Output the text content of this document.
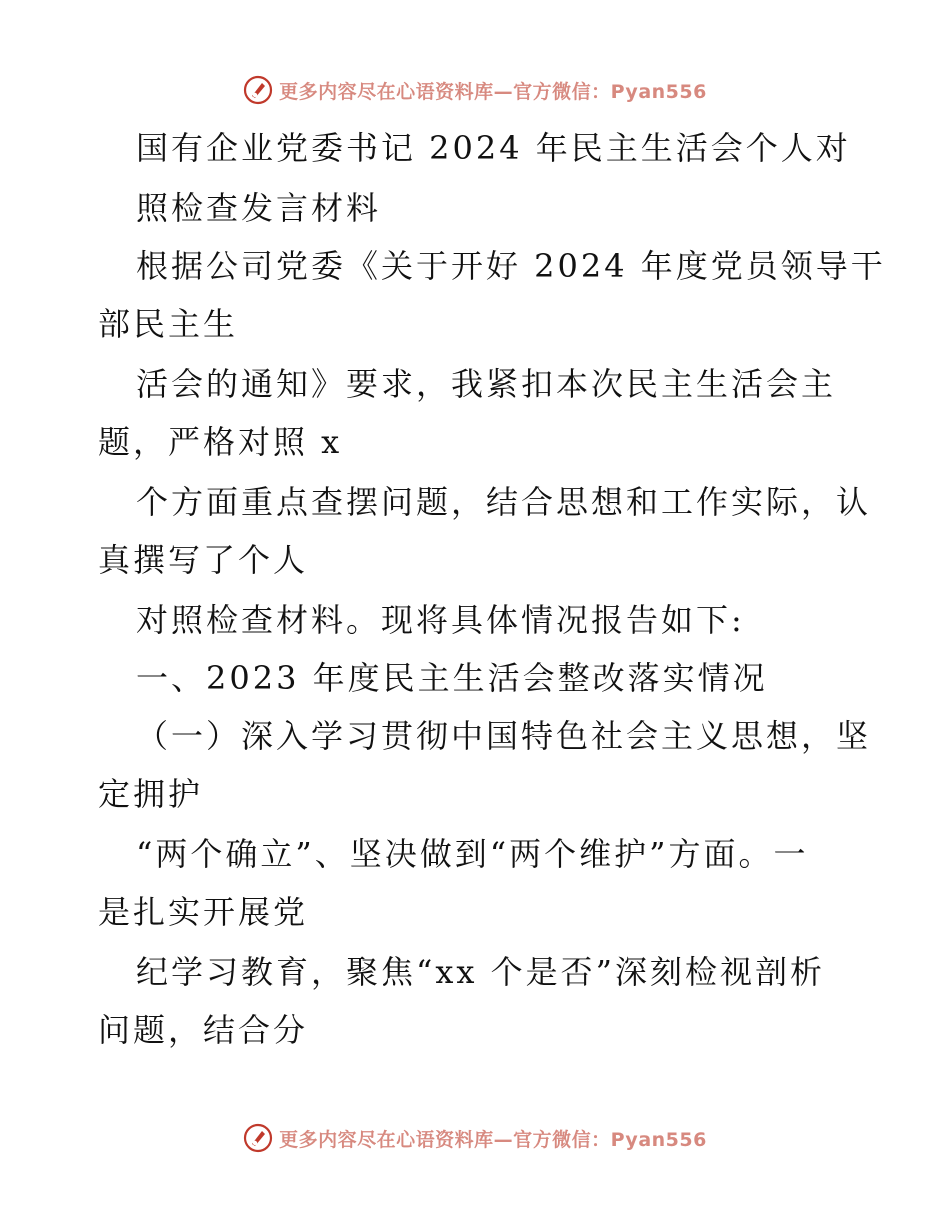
更多内容尽在心语资料库—官方微信：Pyan556
国有企业党委书记 2024 年民主生活会个人对
照检查发言材料
根据公司党委《关于开好 2024 年度党员领导干
部民主生
活会的通知》要求，我紧扣本次民主生活会主
题，严格对照 x
个方面重点查摆问题，结合思想和工作实际，认
真撰写了个人
对照检查材料。现将具体情况报告如下:
一、2023 年度民主生活会整改落实情况
（一）深入学习贯彻中国特色社会主义思想，坚
定拥护
“两个确立”、坚决做到“两个维护”方面。一
是扎实开展党
纪学习教育，聚焦“xx 个是否”深刻检视剖析
问题，结合分
更多内容尽在心语资料库—官方微信：Pyan556
